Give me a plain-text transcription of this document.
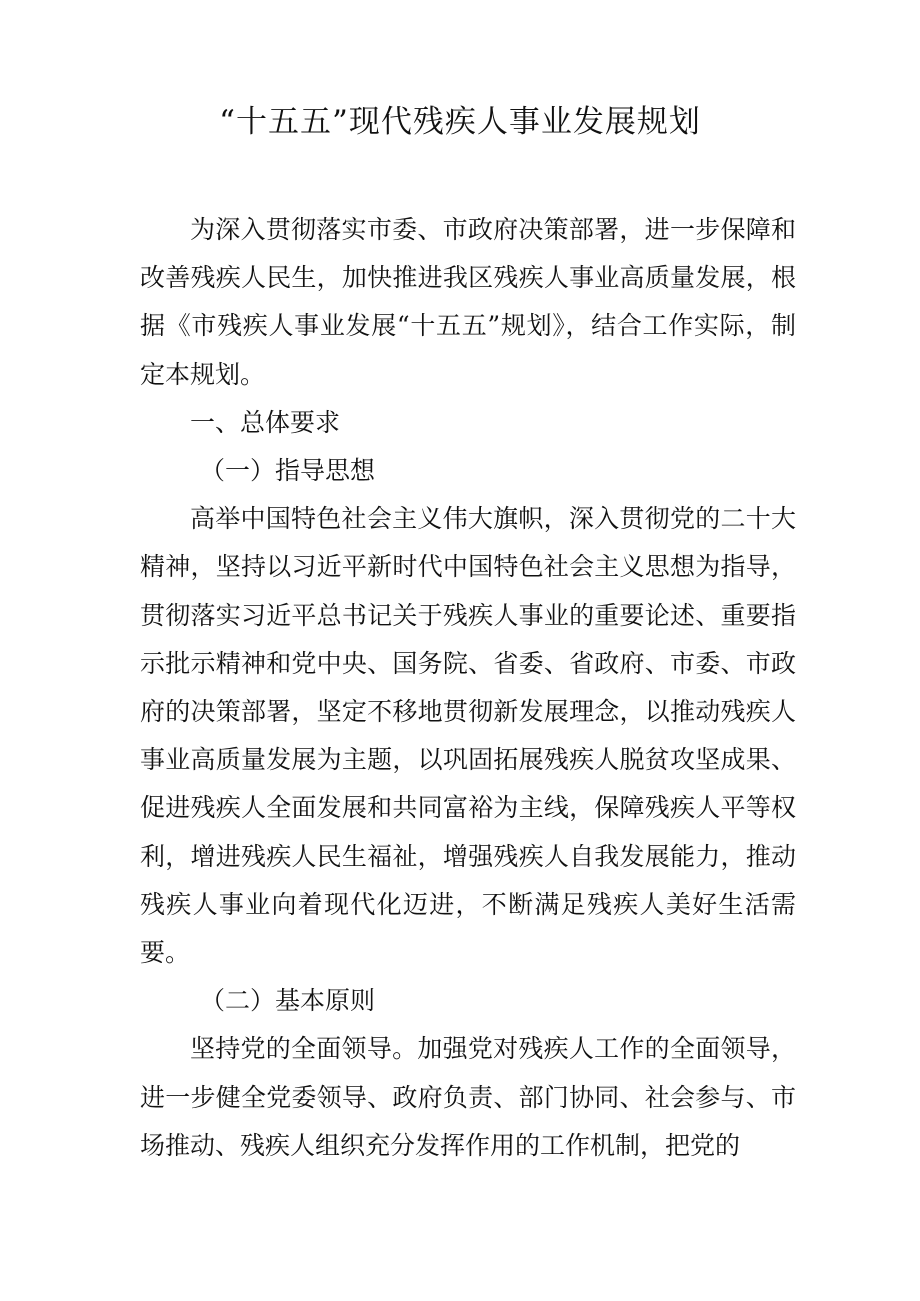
“十五五”现代残疾人事业发展规划

为深入贯彻落实市委、市政府决策部署，进一步保障和改善残疾人民生，加快推进我区残疾人事业高质量发展，根据《市残疾人事业发展“十五五”规划》，结合工作实际，制定本规划。

一、总体要求

（一）指导思想

高举中国特色社会主义伟大旗帜，深入贯彻党的二十大精神，坚持以习近平新时代中国特色社会主义思想为指导，贯彻落实习近平总书记关于残疾人事业的重要论述、重要指示批示精神和党中央、国务院、省委、省政府、市委、市政府的决策部署，坚定不移地贯彻新发展理念，以推动残疾人事业高质量发展为主题，以巩固拓展残疾人脱贫攻坚成果、促进残疾人全面发展和共同富裕为主线，保障残疾人平等权利，增进残疾人民生福祉，增强残疾人自我发展能力，推动残疾人事业向着现代化迈进，不断满足残疾人美好生活需要。

（二）基本原则

坚持党的全面领导。加强党对残疾人工作的全面领导，进一步健全党委领导、政府负责、部门协同、社会参与、市场推动、残疾人组织充分发挥作用的工作机制，把党的
